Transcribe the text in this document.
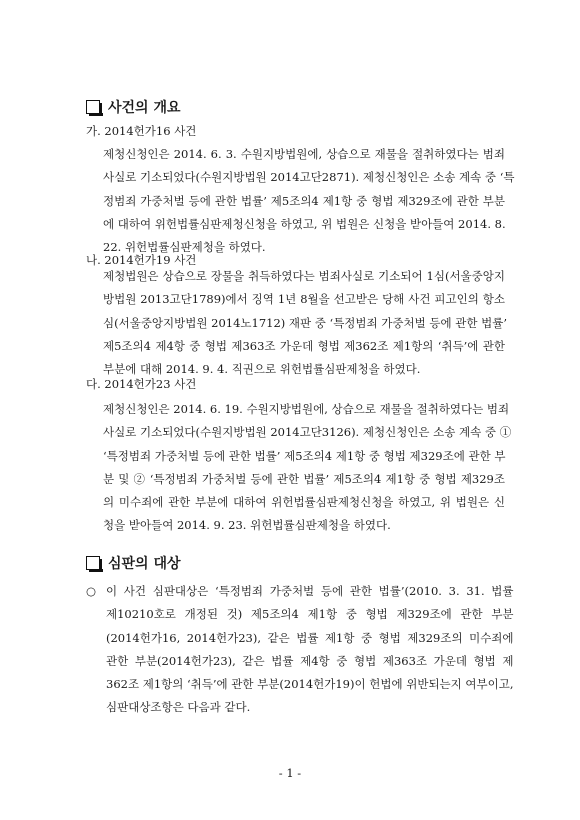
사건의 개요
가. 2014헌가16 사건

제청신청인은 2014. 6. 3. 수원지방법원에, 상습으로 재물을 절취하였다는 범죄

사실로 기소되었다(수원지방법원 2014고단2871). 제청신청인은 소송 계속 중 ‘특

정범죄 가중처벌 등에 관한 법률’ 제5조의4 제1항 중 형법 제329조에 관한 부분

에 대하여 위헌법률심판제청신청을 하였고, 위 법원은 신청을 받아들여 2014. 8.

22. 위헌법률심판제청을 하였다.

나. 2014헌가19 사건

제청법원은 상습으로 장물을 취득하였다는 범죄사실로 기소되어 1심(서울중앙지

방법원 2013고단1789)에서 징역 1년 8월을 선고받은 당해 사건 피고인의 항소

심(서울중앙지방법원 2014노1712) 재판 중 ‘특정범죄 가중처벌 등에 관한 법률’

제5조의4 제4항 중 형법 제363조 가운데 형법 제362조 제1항의 ‘취득’에 관한

부분에 대해 2014. 9. 4. 직권으로 위헌법률심판제청을 하였다.

다. 2014헌가23 사건

제청신청인은 2014. 6. 19. 수원지방법원에, 상습으로 재물을 절취하였다는 범죄

사실로 기소되었다(수원지방법원 2014고단3126). 제청신청인은 소송 계속 중 ①

‘특정범죄 가중처벌 등에 관한 법률’ 제5조의4 제1항 중 형법 제329조에 관한 부

분 및 ② ‘특정범죄 가중처벌 등에 관한 법률’ 제5조의4 제1항 중 형법 제329조

의 미수죄에 관한 부분에 대하여 위헌법률심판제청신청을 하였고, 위 법원은 신

청을 받아들여 2014. 9. 23. 위헌법률심판제청을 하였다.

심판의 대상
○ 이 사건 심판대상은 ‘특정범죄 가중처벌 등에 관한 법률’(2010. 3. 31. 법률

제10210호로 개정된 것) 제5조의4 제1항 중 형법 제329조에 관한 부분

(2014헌가16, 2014헌가23), 같은 법률 제1항 중 형법 제329조의 미수죄에

관한 부분(2014헌가23), 같은 법률 제4항 중 형법 제363조 가운데 형법 제

362조 제1항의 ‘취득’에 관한 부분(2014헌가19)이 헌법에 위반되는지 여부이고,

심판대상조항은 다음과 같다.

- 1 -
